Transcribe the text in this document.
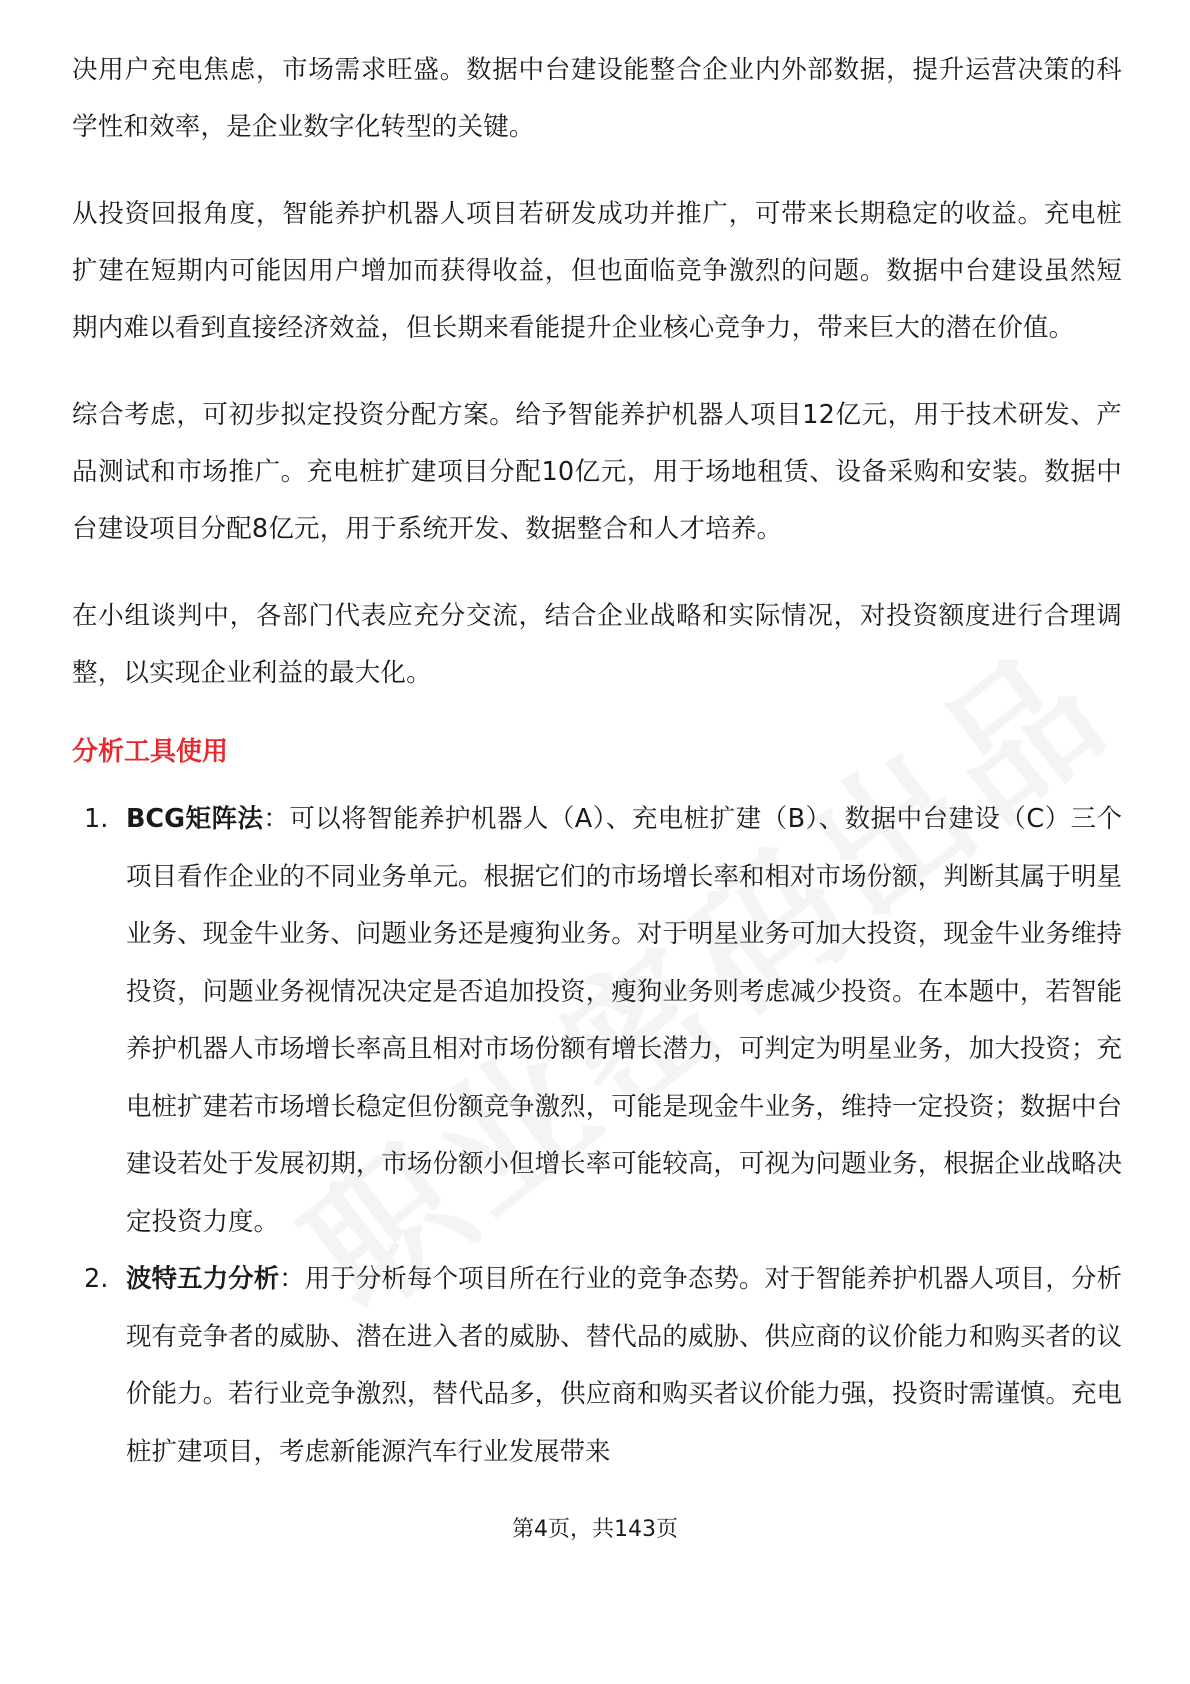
决用户充电焦虑，市场需求旺盛。数据中台建设能整合企业内外部数据，提升运营决策的科学性和效率，是企业数字化转型的关键。

从投资回报角度，智能养护机器人项目若研发成功并推广，可带来长期稳定的收益。充电桩扩建在短期内可能因用户增加而获得收益，但也面临竞争激烈的问题。数据中台建设虽然短期内难以看到直接经济效益，但长期来看能提升企业核心竞争力，带来巨大的潜在价值。

综合考虑，可初步拟定投资分配方案。给予智能养护机器人项目12亿元，用于技术研发、产品测试和市场推广。充电桩扩建项目分配10亿元，用于场地租赁、设备采购和安装。数据中台建设项目分配8亿元，用于系统开发、数据整合和人才培养。

在小组谈判中，各部门代表应充分交流，结合企业战略和实际情况，对投资额度进行合理调整，以实现企业利益的最大化。

分析工具使用
1. BCG矩阵法：可以将智能养护机器人（A）、充电桩扩建（B）、数据中台建设（C）三个项目看作企业的不同业务单元。根据它们的市场增长率和相对市场份额，判断其属于明星业务、现金牛业务、问题业务还是瘦狗业务。对于明星业务可加大投资，现金牛业务维持投资，问题业务视情况决定是否追加投资，瘦狗业务则考虑减少投资。在本题中，若智能养护机器人市场增长率高且相对市场份额有增长潜力，可判定为明星业务，加大投资；充电桩扩建若市场增长稳定但份额竞争激烈，可能是现金牛业务，维持一定投资；数据中台建设若处于发展初期，市场份额小但增长率可能较高，可视为问题业务，根据企业战略决定投资力度。
2. 波特五力分析：用于分析每个项目所在行业的竞争态势。对于智能养护机器人项目，分析现有竞争者的威胁、潜在进入者的威胁、替代品的威胁、供应商的议价能力和购买者的议价能力。若行业竞争激烈，替代品多，供应商和购买者议价能力强，投资时需谨慎。充电桩扩建项目，考虑新能源汽车行业发展带来
第4页，共143页
